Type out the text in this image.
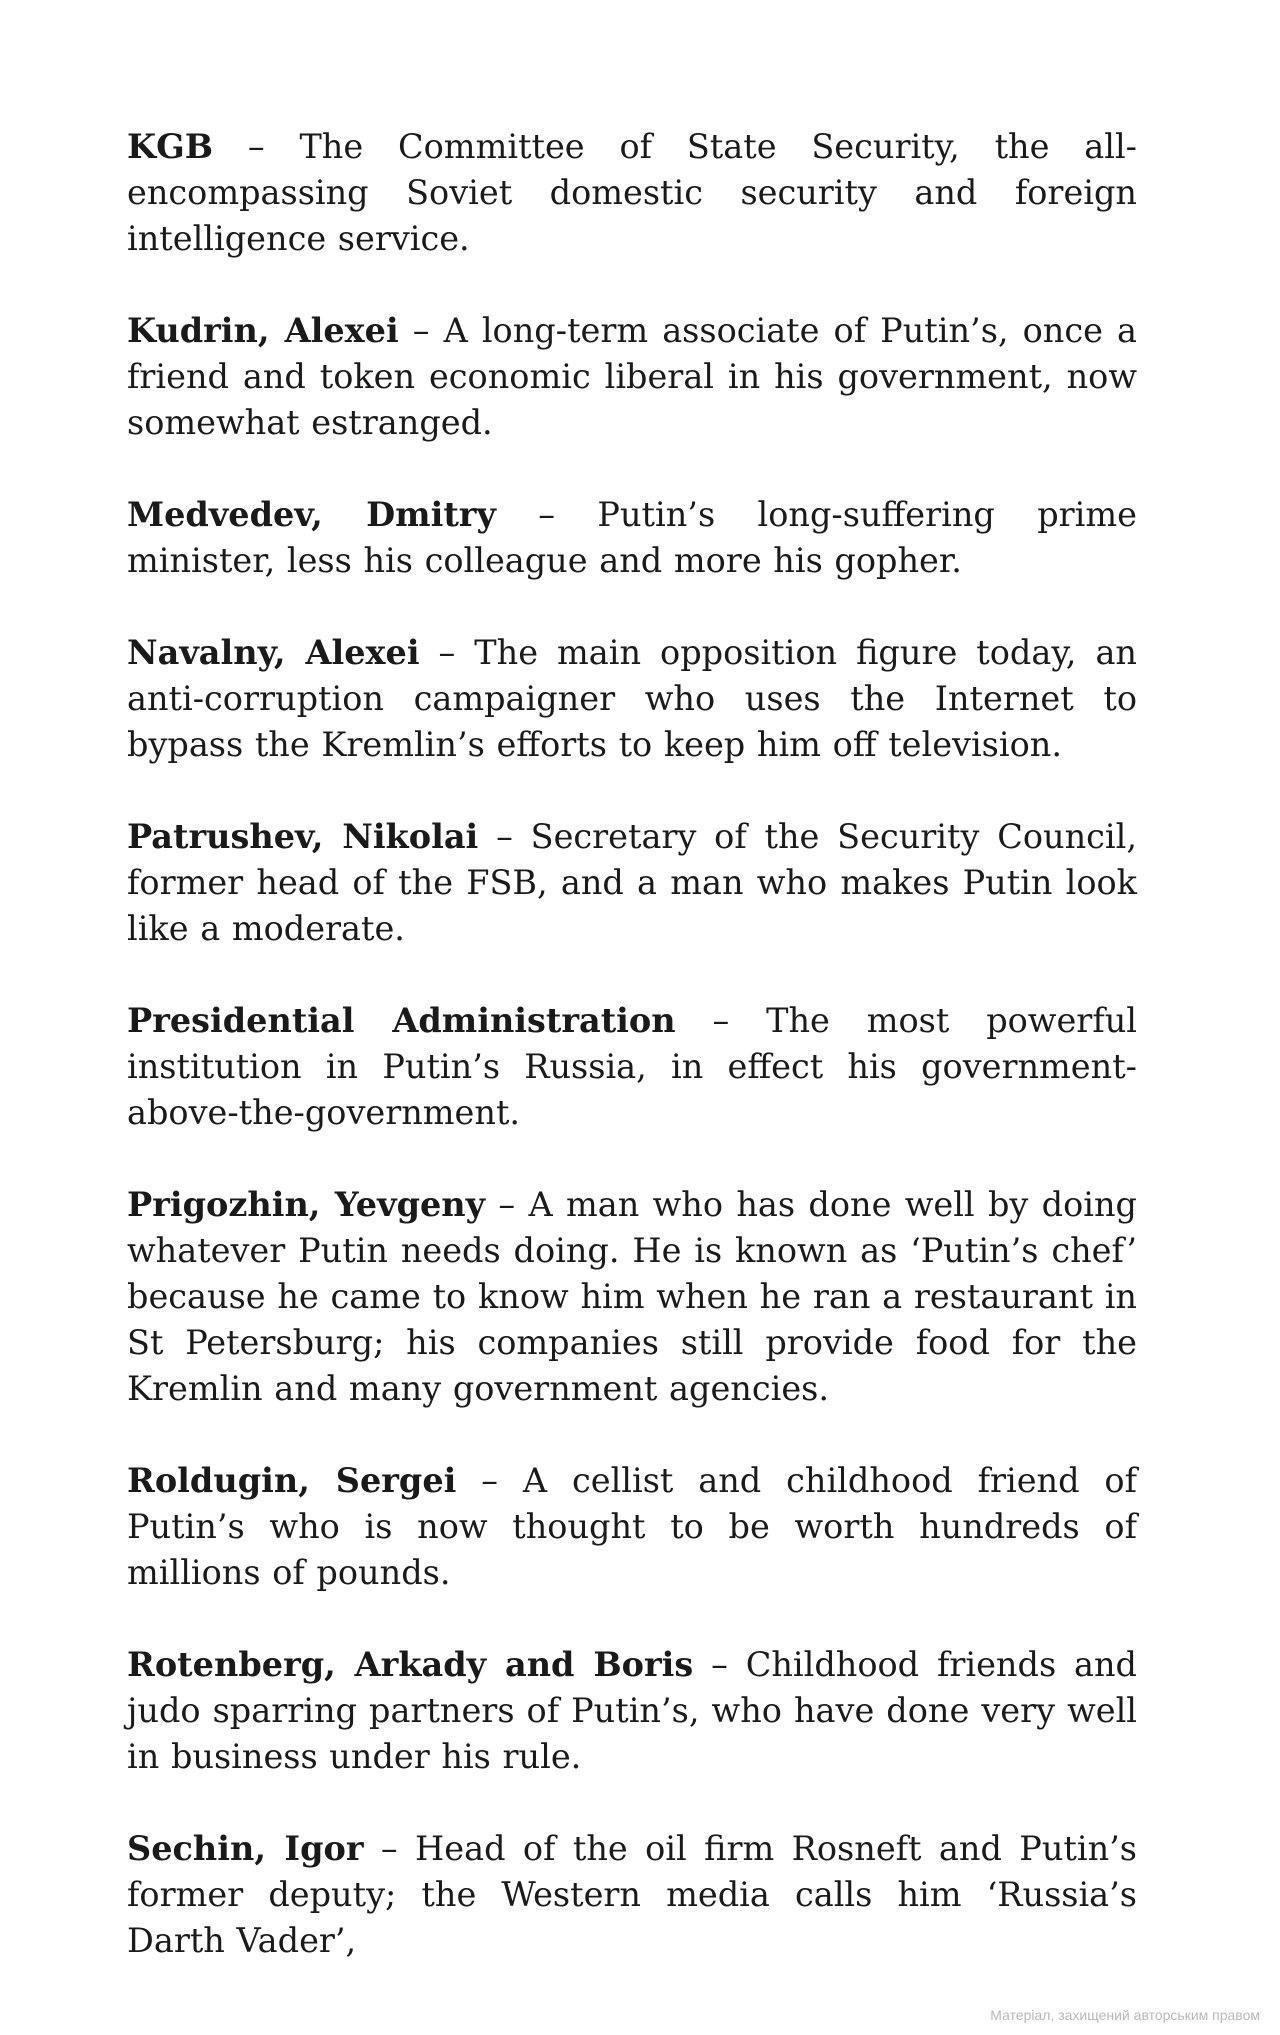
KGB – The Committee of State Security, the all-encompassing Soviet domestic security and foreign intelligence service.

Kudrin, Alexei – A long-term associate of Putin’s, once a friend and token economic liberal in his government, now somewhat estranged.

Medvedev, Dmitry – Putin’s long-suffering prime minister, less his colleague and more his gopher.

Navalny, Alexei – The main opposition figure today, an anti-corruption campaigner who uses the Internet to bypass the Kremlin’s efforts to keep him off television.

Patrushev, Nikolai – Secretary of the Security Council, former head of the FSB, and a man who makes Putin look like a moderate.

Presidential Administration – The most powerful institution in Putin’s Russia, in effect his government-above-the-government.

Prigozhin, Yevgeny – A man who has done well by doing whatever Putin needs doing. He is known as ‘Putin’s chef’ because he came to know him when he ran a restaurant in St Petersburg; his companies still provide food for the Kremlin and many government agencies.

Roldugin, Sergei – A cellist and childhood friend of Putin’s who is now thought to be worth hundreds of millions of pounds.

Rotenberg, Arkady and Boris – Childhood friends and judo sparring partners of Putin’s, who have done very well in business under his rule.

Sechin, Igor – Head of the oil firm Rosneft and Putin’s former deputy; the Western media calls him ‘Russia’s Darth Vader’,

Матеріал, захищений авторським правом
